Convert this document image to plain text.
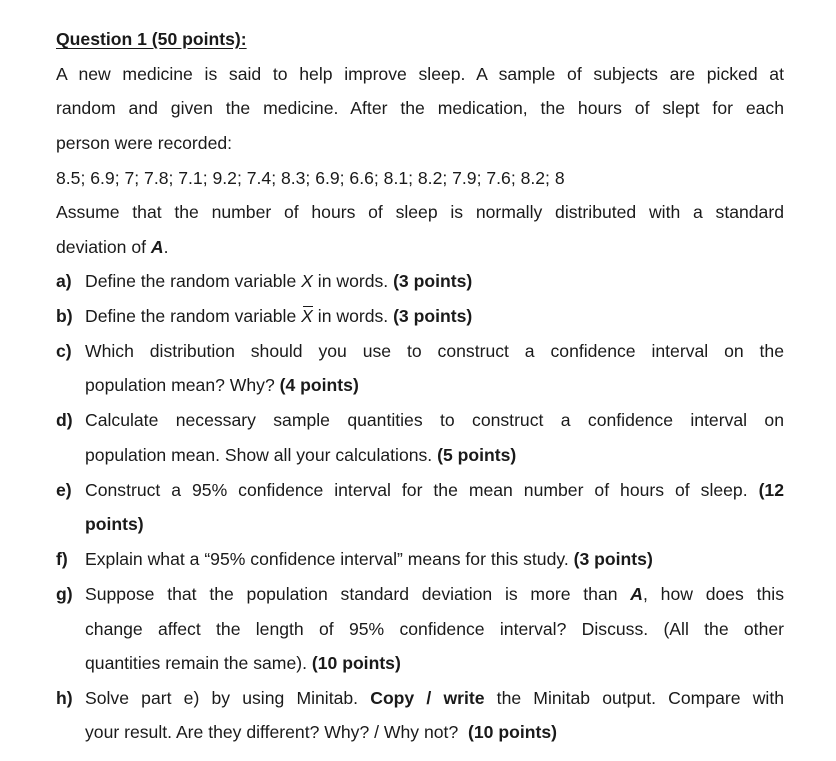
Question 1 (50 points):
A new medicine is said to help improve sleep. A sample of subjects are picked at
random and given the medicine. After the medication, the hours of slept for each
person were recorded:
8.5; 6.9; 7; 7.8; 7.1; 9.2; 7.4; 8.3; 6.9; 6.6; 8.1; 8.2; 7.9; 7.6; 8.2; 8
Assume that the number of hours of sleep is normally distributed with a standard
deviation of A.
a) Define the random variable X in words. (3 points)
b) Define the random variable X in words. (3 points)
c) Which distribution should you use to construct a confidence interval on the
population mean? Why? (4 points)
d) Calculate necessary sample quantities to construct a confidence interval on
population mean. Show all your calculations. (5 points)
e) Construct a 95% confidence interval for the mean number of hours of sleep. (12
points)
f) Explain what a “95% confidence interval” means for this study. (3 points)
g) Suppose that the population standard deviation is more than A, how does this
change affect the length of 95% confidence interval? Discuss. (All the other
quantities remain the same). (10 points)
h) Solve part e) by using Minitab. Copy / write the Minitab output. Compare with
your result. Are they different? Why? / Why not?  (10 points)
